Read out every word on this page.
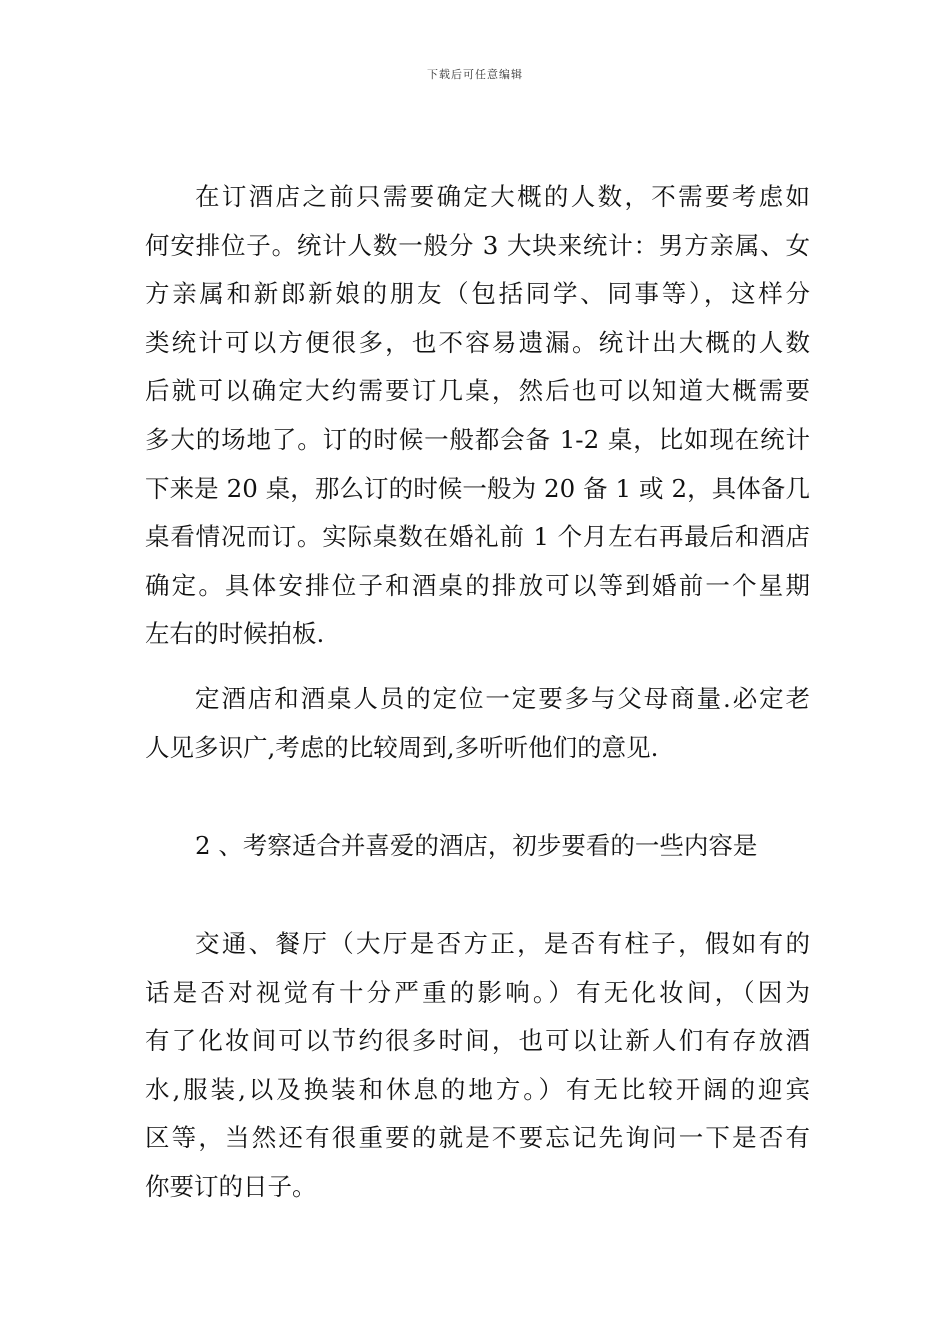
下载后可任意编辑
在订酒店之前只需要确定大概的人数，不需要考虑如
何安排位子。统计人数一般分 3 大块来统计：男方亲属、女
方亲属和新郎新娘的朋友（包括同学、同事等），这样分
类统计可以方便很多，也不容易遗漏。统计出大概的人数
后就可以确定大约需要订几桌，然后也可以知道大概需要
多大的场地了。订的时候一般都会备 1-2 桌，比如现在统计
下来是 20 桌，那么订的时候一般为 20 备 1 或 2，具体备几
桌看情况而订。实际桌数在婚礼前 1 个月左右再最后和酒店
确定。具体安排位子和酒桌的排放可以等到婚前一个星期
左右的时候拍板.
定酒店和酒桌人员的定位一定要多与父母商量.必定老
人见多识广,考虑的比较周到,多听听他们的意见.
2 、考察适合并喜爱的酒店，初步要看的一些内容是
交通、餐厅（大厅是否方正，是否有柱子，假如有的
话是否对视觉有十分严重的影响。）有无化妆间，（因为
有了化妆间可以节约很多时间，也可以让新人们有存放酒
水,服装,以及换装和休息的地方。）有无比较开阔的迎宾
区等，当然还有很重要的就是不要忘记先询问一下是否有
你要订的日子。
